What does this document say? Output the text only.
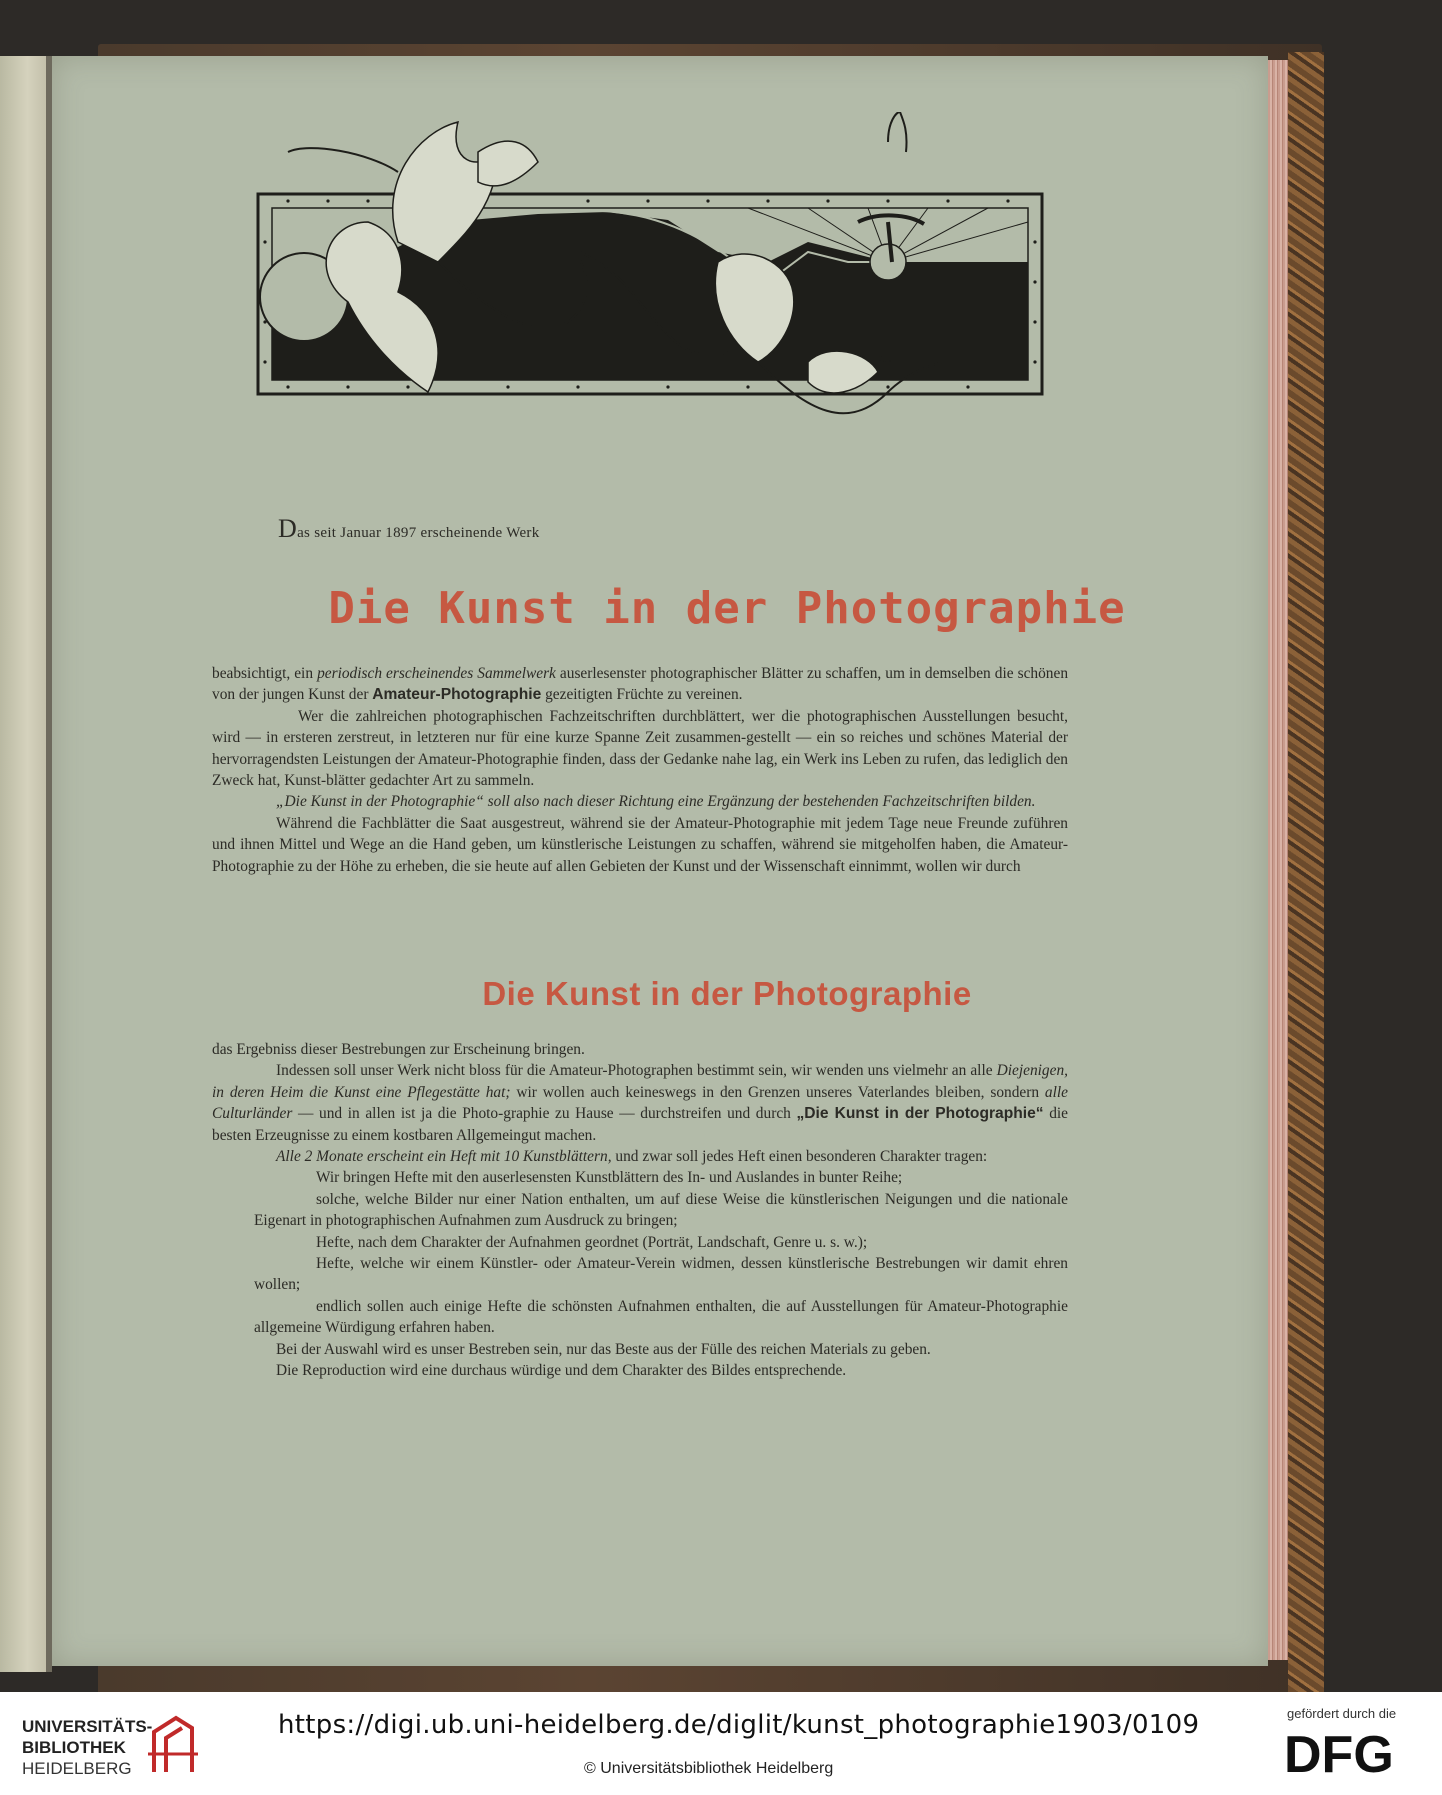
Hzl.
Das seit Januar 1897 erscheinende Werk
Die Kunst in der Photographie

beabsichtigt, ein periodisch erscheinendes Sammelwerk auserlesenster photographischer Blätter zu schaffen, um in demselben die schönen von der jungen Kunst der Amateur-Photographie gezeitigten Früchte zu vereinen.

Wer die zahlreichen photographischen Fachzeitschriften durchblättert, wer die photographischen Ausstellungen besucht, wird — in ersteren zerstreut, in letzteren nur für eine kurze Spanne Zeit zusammen-gestellt — ein so reiches und schönes Material der hervorragendsten Leistungen der Amateur-Photographie finden, dass der Gedanke nahe lag, ein Werk ins Leben zu rufen, das lediglich den Zweck hat, Kunst-blätter gedachter Art zu sammeln.

„Die Kunst in der Photographie“ soll also nach dieser Richtung eine Ergänzung der bestehenden Fachzeitschriften bilden.

Während die Fachblätter die Saat ausgestreut, während sie der Amateur-Photographie mit jedem Tage neue Freunde zuführen und ihnen Mittel und Wege an die Hand geben, um künstlerische Leistungen zu schaffen, während sie mitgeholfen haben, die Amateur-Photographie zu der Höhe zu erheben, die sie heute auf allen Gebieten der Kunst und der Wissenschaft einnimmt, wollen wir durch

Die Kunst in der Photographie

das Ergebniss dieser Bestrebungen zur Erscheinung bringen.

Indessen soll unser Werk nicht bloss für die Amateur-Photographen bestimmt sein, wir wenden uns vielmehr an alle Diejenigen, in deren Heim die Kunst eine Pflegestätte hat; wir wollen auch keineswegs in den Grenzen unseres Vaterlandes bleiben, sondern alle Culturländer — und in allen ist ja die Photo-graphie zu Hause — durchstreifen und durch „Die Kunst in der Photographie“ die besten Erzeugnisse zu einem kostbaren Allgemeingut machen.

Alle 2 Monate erscheint ein Heft mit 10 Kunstblättern, und zwar soll jedes Heft einen besonderen Charakter tragen:

Wir bringen Hefte mit den auserlesensten Kunstblättern des In- und Auslandes in bunter Reihe;

solche, welche Bilder nur einer Nation enthalten, um auf diese Weise die künstlerischen Neigungen und die nationale Eigenart in photographischen Aufnahmen zum Ausdruck zu bringen;

Hefte, nach dem Charakter der Aufnahmen geordnet (Porträt, Landschaft, Genre u. s. w.);

Hefte, welche wir einem Künstler- oder Amateur-Verein widmen, dessen künstlerische Bestrebungen wir damit ehren wollen;

endlich sollen auch einige Hefte die schönsten Aufnahmen enthalten, die auf Ausstellungen für Amateur-Photographie allgemeine Würdigung erfahren haben.

Bei der Auswahl wird es unser Bestreben sein, nur das Beste aus der Fülle des reichen Materials zu geben.

Die Reproduction wird eine durchaus würdige und dem Charakter des Bildes entsprechende.

UNIVERSITÄTS-
BIBLIOTHEK
HEIDELBERG
https://digi.ub.uni-heidelberg.de/diglit/kunst_photographie1903/0109
© Universitätsbibliothek Heidelberg
gefördert durch die
DFG
